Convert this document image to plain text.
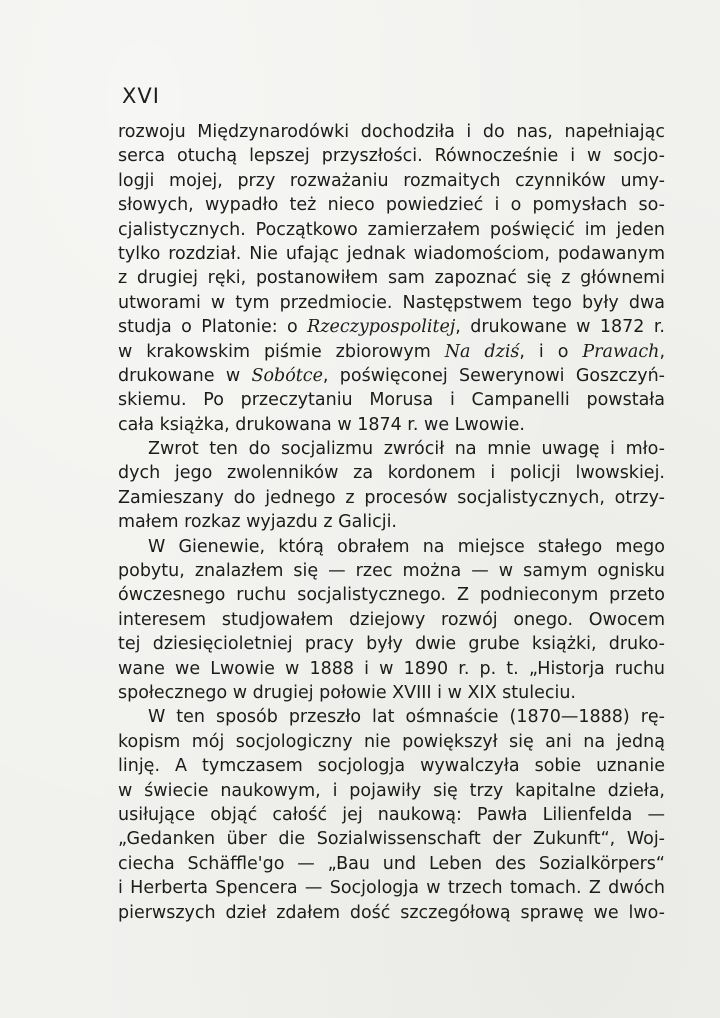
XVI
rozwoju Międzynarodówki dochodziła i do nas, napełniając
serca otuchą lepszej przyszłości. Równocześnie i w socjo-
logji mojej, przy rozważaniu rozmaitych czynników umy-
słowych, wypadło też nieco powiedzieć i o pomysłach so-
cjalistycznych. Początkowo zamierzałem poświęcić im jeden
tylko rozdział. Nie ufając jednak wiadomościom, podawanym
z drugiej ręki, postanowiłem sam zapoznać się z głównemi
utworami w tym przedmiocie. Następstwem tego były dwa
studja o Platonie: o Rzeczypospolitej, drukowane w 1872 r.
w krakowskim piśmie zbiorowym Na dziś, i o Prawach,
drukowane w Sobótce, poświęconej Sewerynowi Goszczyń-
skiemu. Po przeczytaniu Morusa i Campanelli powstała
cała książka, drukowana w 1874 r. we Lwowie.
Zwrot ten do socjalizmu zwrócił na mnie uwagę i mło-
dych jego zwolenników za kordonem i policji lwowskiej.
Zamieszany do jednego z procesów socjalistycznych, otrzy-
małem rozkaz wyjazdu z Galicji.
W Gienewie, którą obrałem na miejsce stałego mego
pobytu, znalazłem się — rzec można — w samym ognisku
ówczesnego ruchu socjalistycznego. Z podnieconym przeto
interesem studjowałem dziejowy rozwój onego. Owocem
tej dziesięcioletniej pracy były dwie grube książki, druko-
wane we Lwowie w 1888 i w 1890 r. p. t. „Historja ruchu
społecznego w drugiej połowie XVIII i w XIX stuleciu.
W ten sposób przeszło lat ośmnaście (1870—1888) rę-
kopism mój socjologiczny nie powiększył się ani na jedną
linję. A tymczasem socjologja wywalczyła sobie uznanie
w świecie naukowym, i pojawiły się trzy kapitalne dzieła,
usiłujące objąć całość jej naukową: Pawła Lilienfelda —
„Gedanken über die Sozialwissenschaft der Zukunft“, Woj-
ciecha Schäffle'go — „Bau und Leben des Sozialkörpers“
i Herberta Spencera — Socjologja w trzech tomach. Z dwóch
pierwszych dzieł zdałem dość szczegółową sprawę we lwo-
